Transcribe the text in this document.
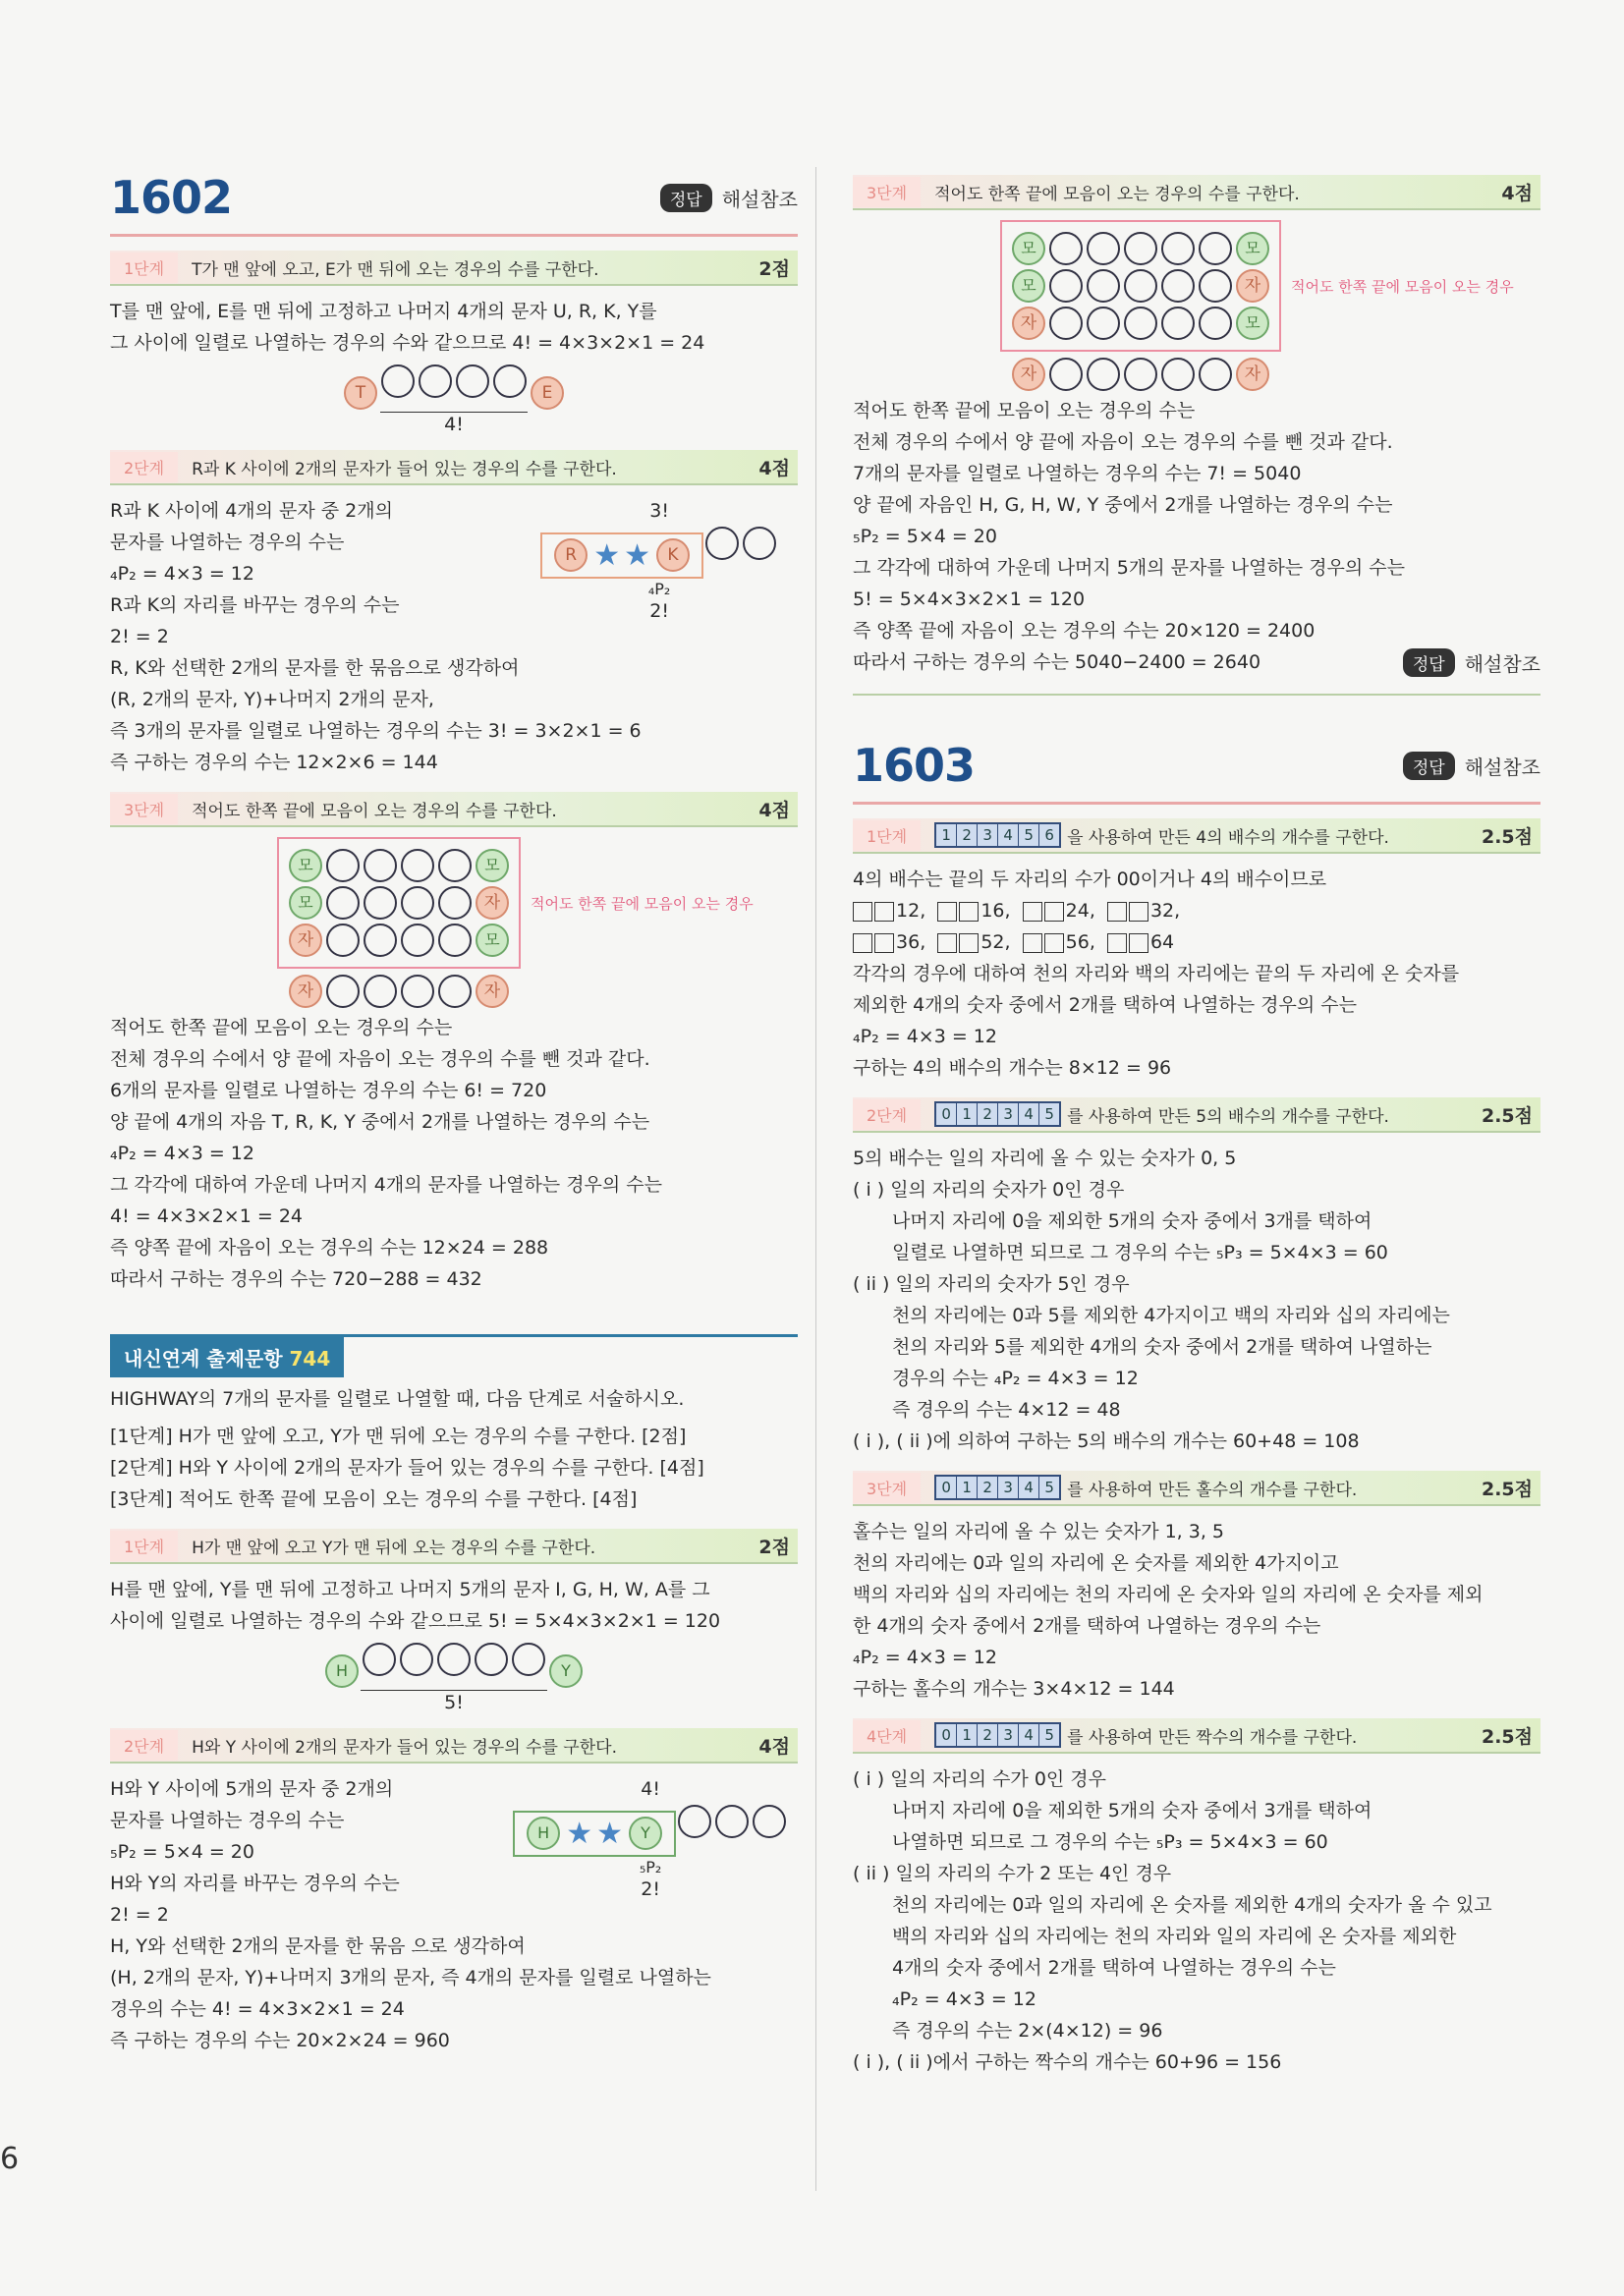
6
1602	정답	해설참조
1단계	T가 맨 앞에 오고, E가 맨 뒤에 오는 경우의 수를 구한다.	2점
T를 맨 앞에, E를 맨 뒤에 고정하고 나머지 4개의 문자 U, R, K, Y를
그 사이에 일렬로 나열하는 경우의 수와 같으므로 4! = 4×3×2×1 = 24
T	E
4!
2단계	R과 K 사이에 2개의 문자가 들어 있는 경우의 수를 구한다.	4점
R과 K 사이에 4개의 문자 중 2개의
문자를 나열하는 경우의 수는
₄P₂ = 4×3 = 12
R과 K의 자리를 바꾸는 경우의 수는
2! = 2
3!
R ★ ★	K
₄P₂
2!
R, K와 선택한 2개의 문자를 한 묶음으로 생각하여
(R, 2개의 문자, Y)+나머지 2개의 문자,
즉 3개의 문자를 일렬로 나열하는 경우의 수는 3! = 3×2×1 = 6
즉 구하는 경우의 수는 12×2×6 = 144
3단계	적어도 한쪽 끝에 모음이 오는 경우의 수를 구한다.	4점
모	모
모	자
자	모
적어도 한쪽 끝에 모음이 오는 경우
자	자
적어도 한쪽 끝에 모음이 오는 경우의 수는
전체 경우의 수에서 양 끝에 자음이 오는 경우의 수를 뺀 것과 같다.
6개의 문자를 일렬로 나열하는 경우의 수는 6! = 720
양 끝에 4개의 자음 T, R, K, Y 중에서 2개를 나열하는 경우의 수는
₄P₂ = 4×3 = 12
그 각각에 대하여 가운데 나머지 4개의 문자를 나열하는 경우의 수는
4! = 4×3×2×1 = 24
즉 양쪽 끝에 자음이 오는 경우의 수는 12×24 = 288
따라서 구하는 경우의 수는 720−288 = 432
내신연계 출제문항 744
HIGHWAY의 7개의 문자를 일렬로 나열할 때, 다음 단계로 서술하시오.
[1단계] H가 맨 앞에 오고, Y가 맨 뒤에 오는 경우의 수를 구한다. [2점]
[2단계] H와 Y 사이에 2개의 문자가 들어 있는 경우의 수를 구한다. [4점]
[3단계] 적어도 한쪽 끝에 모음이 오는 경우의 수를 구한다. [4점]
1단계	H가 맨 앞에 오고 Y가 맨 뒤에 오는 경우의 수를 구한다.	2점
H를 맨 앞에, Y를 맨 뒤에 고정하고 나머지 5개의 문자 I, G, H, W, A를 그
사이에 일렬로 나열하는 경우의 수와 같으므로 5! = 5×4×3×2×1 = 120
H	Y
5!
2단계	H와 Y 사이에 2개의 문자가 들어 있는 경우의 수를 구한다.	4점
H와 Y 사이에 5개의 문자 중 2개의
문자를 나열하는 경우의 수는
₅P₂ = 5×4 = 20
H와 Y의 자리를 바꾸는 경우의 수는
2! = 2
4!
H ★ ★	Y
₅P₂
2!
H, Y와 선택한 2개의 문자를 한 묶음 으로 생각하여
(H, 2개의 문자, Y)+나머지 3개의 문자, 즉 4개의 문자를 일렬로 나열하는
경우의 수는 4! = 4×3×2×1 = 24
즉 구하는 경우의 수는 20×2×24 = 960
3단계	적어도 한쪽 끝에 모음이 오는 경우의 수를 구한다.	4점
모	모
모	자
자	모
적어도 한쪽 끝에 모음이 오는 경우
자	자
적어도 한쪽 끝에 모음이 오는 경우의 수는
전체 경우의 수에서 양 끝에 자음이 오는 경우의 수를 뺀 것과 같다.
7개의 문자를 일렬로 나열하는 경우의 수는 7! = 5040
양 끝에 자음인 H, G, H, W, Y 중에서 2개를 나열하는 경우의 수는
₅P₂ = 5×4 = 20
그 각각에 대하여 가운데 나머지 5개의 문자를 나열하는 경우의 수는
5! = 5×4×3×2×1 = 120
즉 양쪽 끝에 자음이 오는 경우의 수는 20×120 = 2400
따라서 구하는 경우의 수는 5040−2400 = 2640	정답	해설참조
1603	정답	해설참조
1단계	1 2 3 4 5 6 을 사용하여 만든 4의 배수의 개수를 구한다.	2.5점
4의 배수는 끝의 두 자리의 수가 00이거나 4의 배수이므로
12,  16,  24,  32,
36,  52,  56,  64
각각의 경우에 대하여 천의 자리와 백의 자리에는 끝의 두 자리에 온 숫자를
제외한 4개의 숫자 중에서 2개를 택하여 나열하는 경우의 수는
₄P₂ = 4×3 = 12
구하는 4의 배수의 개수는 8×12 = 96
2단계	0 1 2 3 4 5 를 사용하여 만든 5의 배수의 개수를 구한다.	2.5점
5의 배수는 일의 자리에 올 수 있는 숫자가 0, 5
( i ) 일의 자리의 숫자가 0인 경우
나머지 자리에 0을 제외한 5개의 숫자 중에서 3개를 택하여
일렬로 나열하면 되므로 그 경우의 수는 ₅P₃ = 5×4×3 = 60
( ii ) 일의 자리의 숫자가 5인 경우
천의 자리에는 0과 5를 제외한 4가지이고 백의 자리와 십의 자리에는
천의 자리와 5를 제외한 4개의 숫자 중에서 2개를 택하여 나열하는
경우의 수는 ₄P₂ = 4×3 = 12
즉 경우의 수는 4×12 = 48
( i ), ( ii )에 의하여 구하는 5의 배수의 개수는 60+48 = 108
3단계	0 1 2 3 4 5 를 사용하여 만든 홀수의 개수를 구한다.	2.5점
홀수는 일의 자리에 올 수 있는 숫자가 1, 3, 5
천의 자리에는 0과 일의 자리에 온 숫자를 제외한 4가지이고
백의 자리와 십의 자리에는 천의 자리에 온 숫자와 일의 자리에 온 숫자를 제외
한 4개의 숫자 중에서 2개를 택하여 나열하는 경우의 수는
₄P₂ = 4×3 = 12
구하는 홀수의 개수는 3×4×12 = 144
4단계	0 1 2 3 4 5 를 사용하여 만든 짝수의 개수를 구한다.	2.5점
( i ) 일의 자리의 수가 0인 경우
나머지 자리에 0을 제외한 5개의 숫자 중에서 3개를 택하여
나열하면 되므로 그 경우의 수는 ₅P₃ = 5×4×3 = 60
( ii ) 일의 자리의 수가 2 또는 4인 경우
천의 자리에는 0과 일의 자리에 온 숫자를 제외한 4개의 숫자가 올 수 있고
백의 자리와 십의 자리에는 천의 자리와 일의 자리에 온 숫자를 제외한
4개의 숫자 중에서 2개를 택하여 나열하는 경우의 수는
₄P₂ = 4×3 = 12
즉 경우의 수는 2×(4×12) = 96
( i ), ( ii )에서 구하는 짝수의 개수는 60+96 = 156
